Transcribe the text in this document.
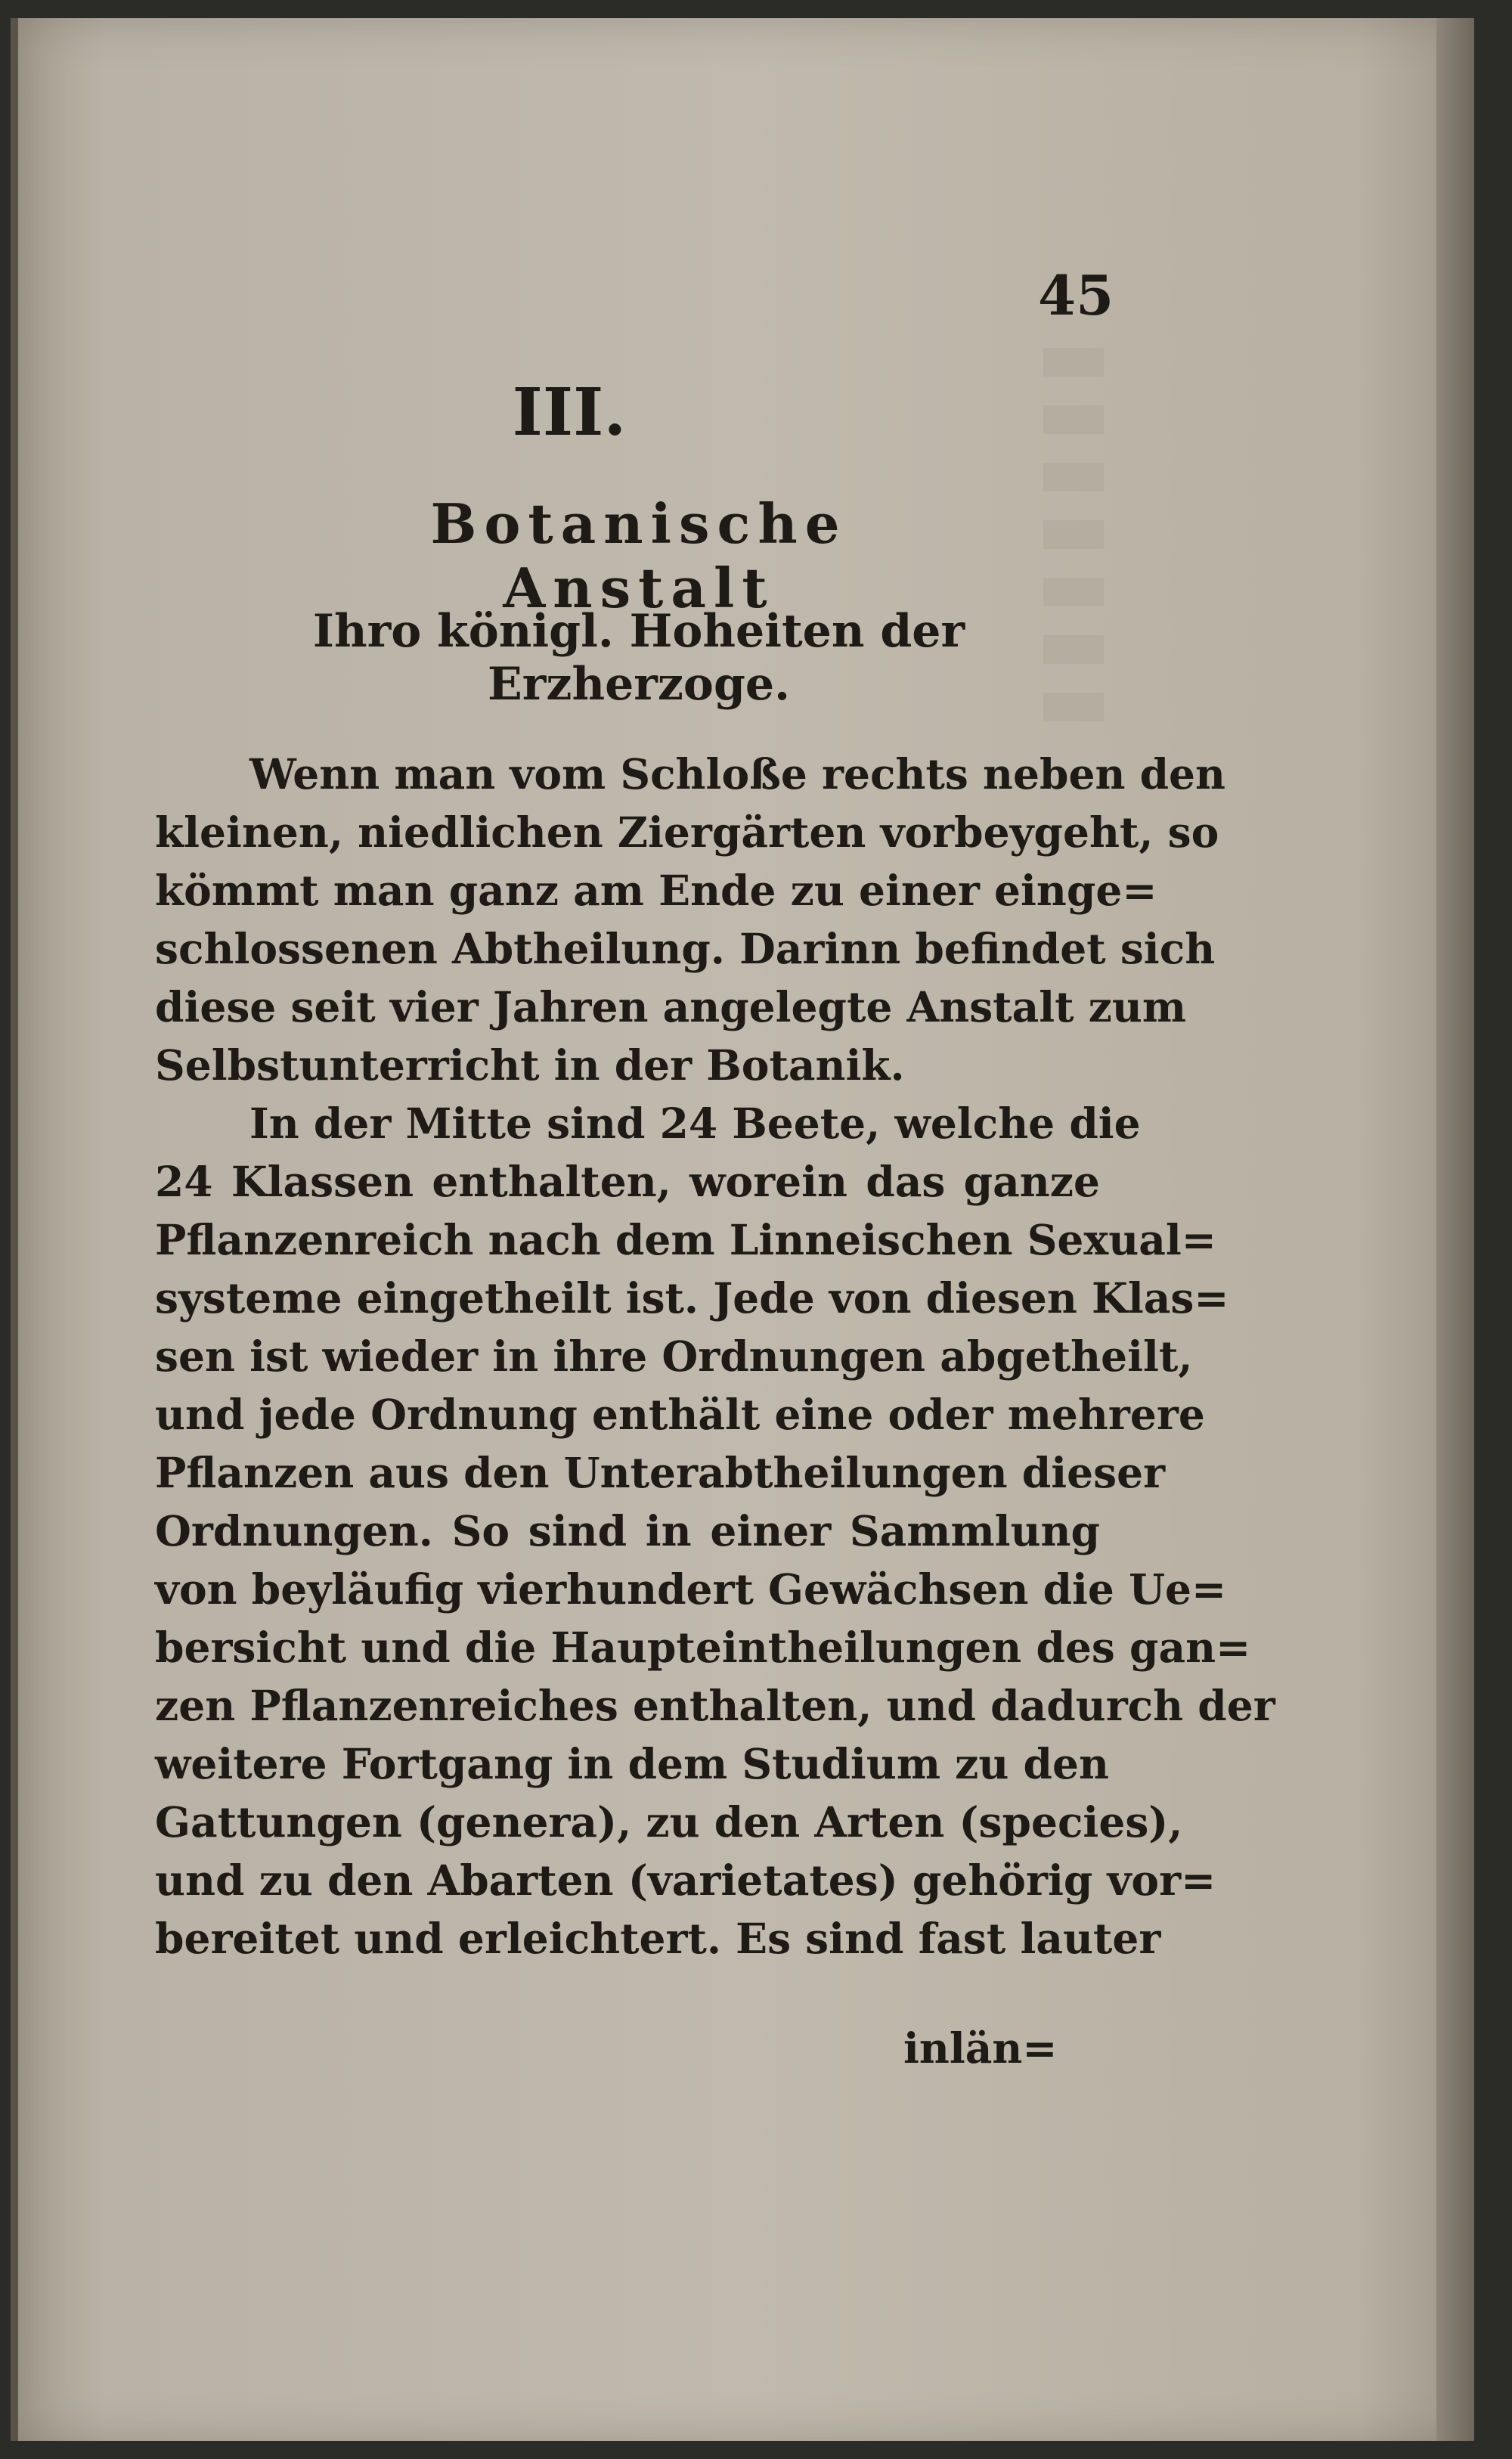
45
III.
Botanische Anstalt
Ihro königl. Hoheiten der Erzherzoge.
Wenn man vom Schloße rechts neben den
kleinen, niedlichen Ziergärten vorbeygeht, so
kömmt man ganz am Ende zu einer einge=
schlossenen Abtheilung. Darinn befindet sich
diese seit vier Jahren angelegte Anstalt zum
Selbstunterricht in der Botanik.
In der Mitte sind 24 Beete, welche die
24 Klassen enthalten, worein das ganze
Pflanzenreich nach dem Linneischen Sexual=
systeme eingetheilt ist. Jede von diesen Klas=
sen ist wieder in ihre Ordnungen abgetheilt,
und jede Ordnung enthält eine oder mehrere
Pflanzen aus den Unterabtheilungen dieser
Ordnungen. So sind in einer Sammlung
von beyläufig vierhundert Gewächsen die Ue=
bersicht und die Haupteintheilungen des gan=
zen Pflanzenreiches enthalten, und dadurch der
weitere Fortgang in dem Studium zu den
Gattungen (genera), zu den Arten (species),
und zu den Abarten (varietates) gehörig vor=
bereitet und erleichtert. Es sind fast lauter
inlän=
